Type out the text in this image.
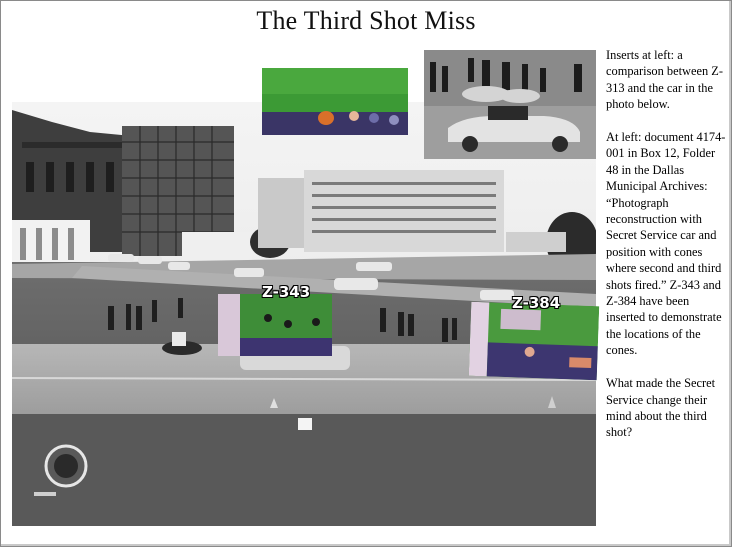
The Third Shot Miss
Z-343
Z-384

Inserts at left: a comparison between Z-313 and the car in the photo below.

At left: document 4174-001 in Box 12, Folder 48 in the Dallas Municipal Archives: “Photograph reconstruction with Secret Service car and position with cones where second and third shots fired.” Z-343 and Z-384 have been inserted to demonstrate the locations of the cones.

What made the Secret Service change their mind about the third shot?
